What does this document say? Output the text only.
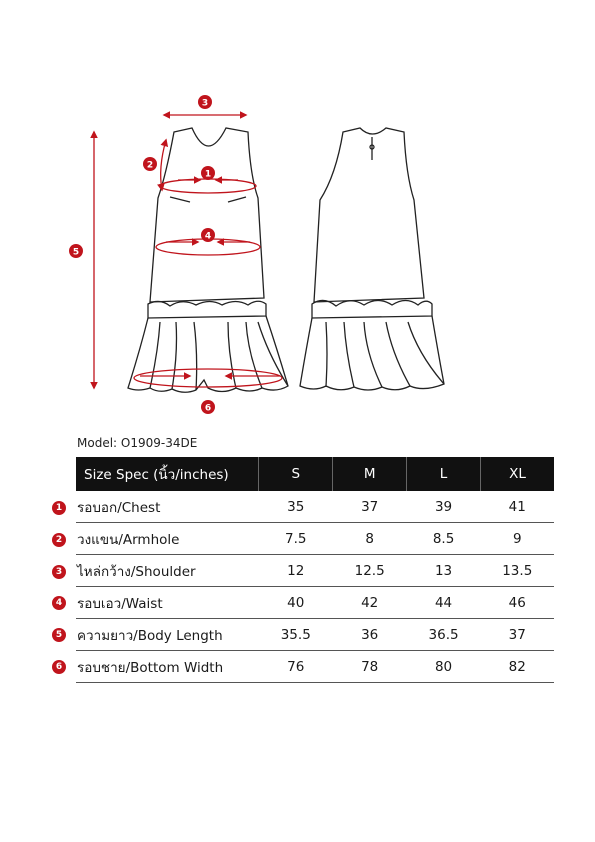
3
2
1
4
5
6
Model: O1909-34DE
1
2
3
4
5
6
Size Spec (นิ้ว/inches)	S	M	L	XL
รอบอก/Chest	35	37	39	41
วงแขน/Armhole	7.5	8	8.5	9
ไหล่กว้าง/Shoulder	12	12.5	13	13.5
รอบเอว/Waist	40	42	44	46
ความยาว/Body Length	35.5	36	36.5	37
รอบชาย/Bottom Width	76	78	80	82
